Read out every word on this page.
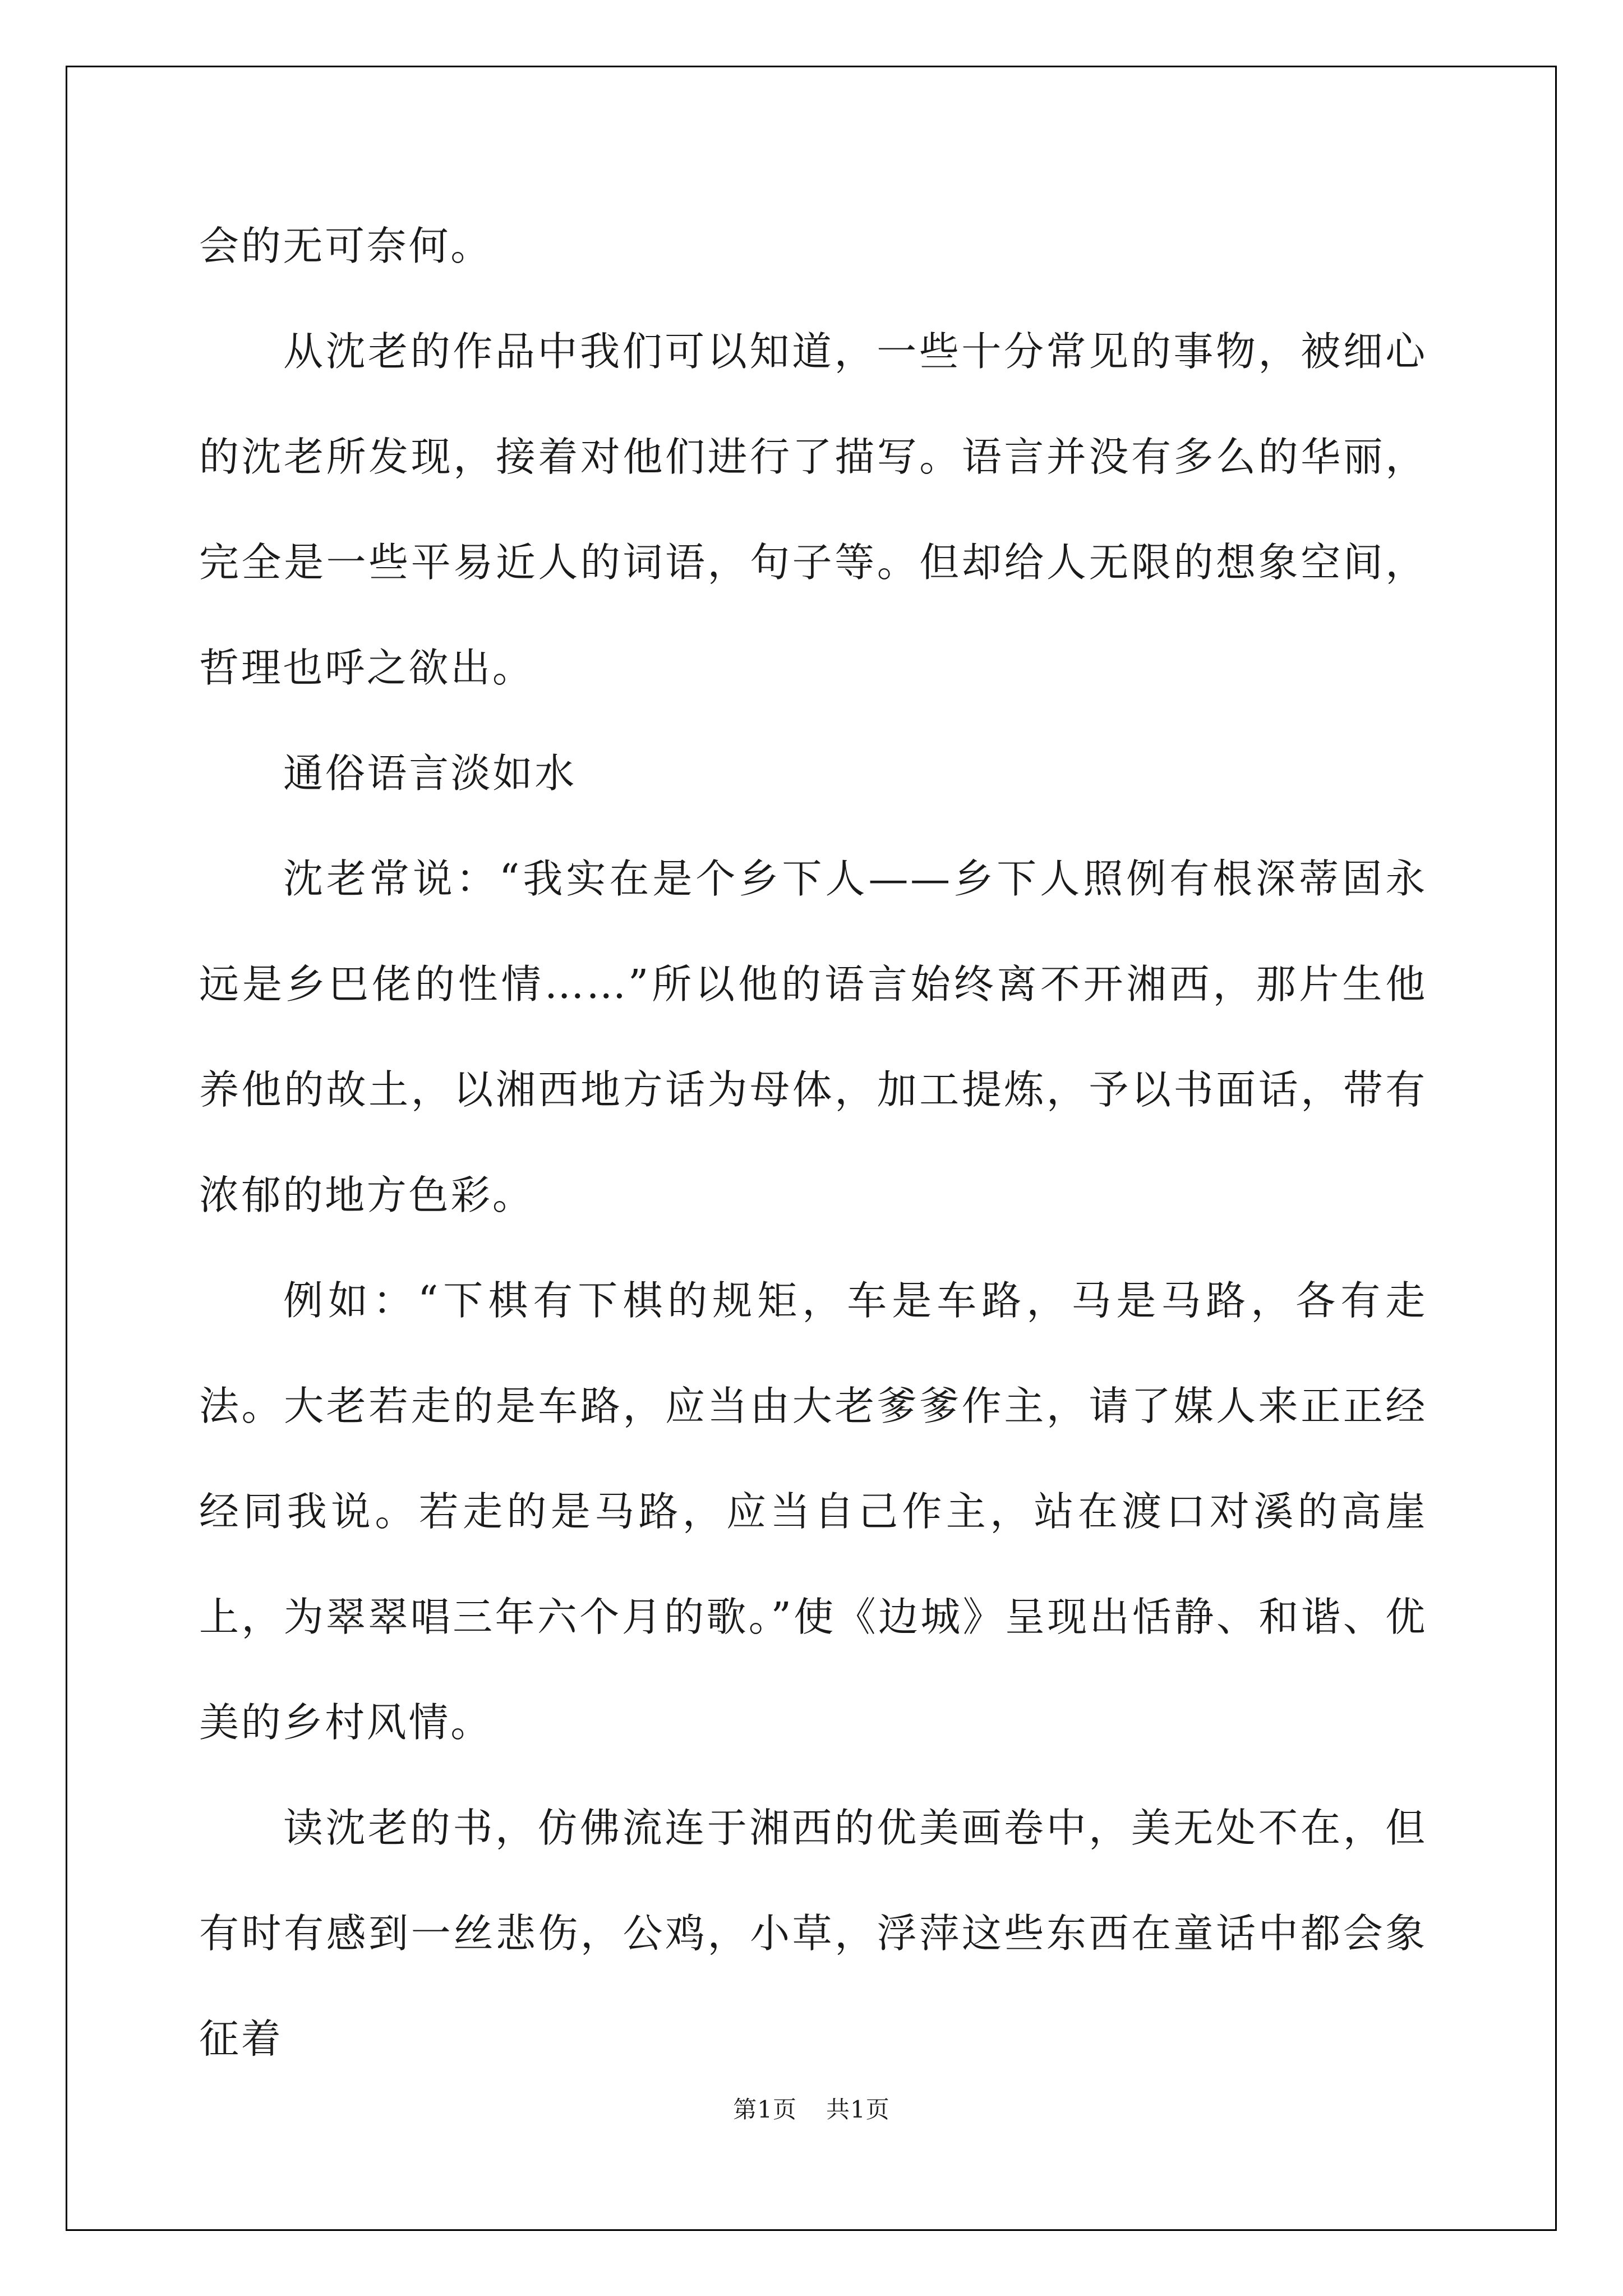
会的无可奈何。

从沈老的作品中我们可以知道，一些十分常见的事物，被细心的沈老所发现，接着对他们进行了描写。语言并没有多么的华丽，完全是一些平易近人的词语，句子等。但却给人无限的想象空间，哲理也呼之欲出。

通俗语言淡如水

沈老常说：“我实在是个乡下人——乡下人照例有根深蒂固永远是乡巴佬的性情……”所以他的语言始终离不开湘西，那片生他养他的故土，以湘西地方话为母体，加工提炼，予以书面话，带有浓郁的地方色彩。

例如：“下棋有下棋的规矩，车是车路，马是马路，各有走法。大老若走的是车路，应当由大老爹爹作主，请了媒人来正正经经同我说。若走的是马路，应当自己作主，站在渡口对溪的高崖上，为翠翠唱三年六个月的歌。”使《边城》呈现出恬静、和谐、优美的乡村风情。

读沈老的书，仿佛流连于湘西的优美画卷中，美无处不在，但有时有感到一丝悲伤，公鸡，小草，浮萍这些东西在童话中都会象征着

第1页 共1页
